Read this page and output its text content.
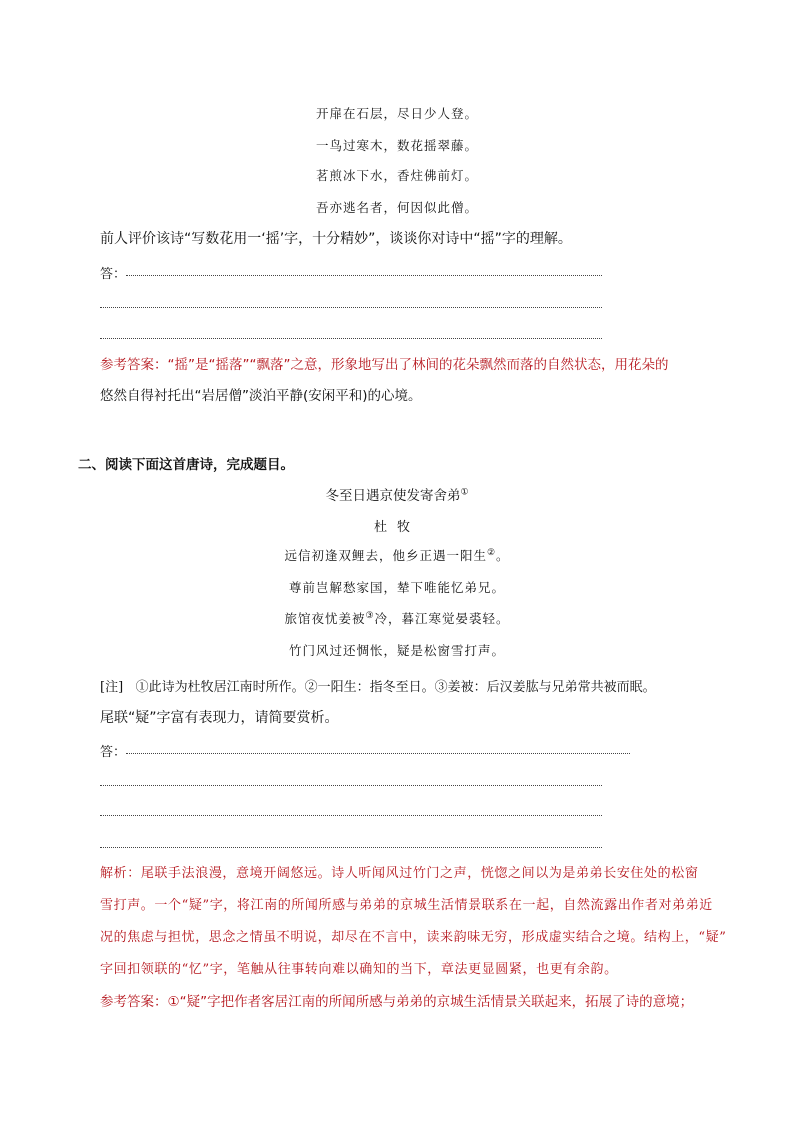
开扉在石层，尽日少人登。
一鸟过寒木，数花摇翠藤。
茗煎冰下水，香炷佛前灯。
吾亦逃名者，何因似此僧。
前人评价该诗“写数花用一‘摇’字，十分精妙”，谈谈你对诗中“摇”字的理解。
答：
参考答案：“摇”是“摇落”“飘落”之意，形象地写出了林间的花朵飘然而落的自然状态，用花朵的
悠然自得衬托出“岩居僧”淡泊平静(安闲平和)的心境。
二、阅读下面这首唐诗，完成题目。
冬至日遇京使发寄舍弟①
杜牧
远信初逢双鲤去，他乡正遇一阳生②。
尊前岂解愁家国，辇下唯能忆弟兄。
旅馆夜忧姜被③冷，暮江寒觉晏裘轻。
竹门风过还惆怅，疑是松窗雪打声。
[注] ①此诗为杜牧居江南时所作。②一阳生：指冬至日。③姜被：后汉姜肱与兄弟常共被而眠。
尾联“疑”字富有表现力，请简要赏析。
答：
解析：尾联手法浪漫，意境开阔悠远。诗人听闻风过竹门之声，恍惚之间以为是弟弟长安住处的松窗
雪打声。一个“疑”字，将江南的所闻所感与弟弟的京城生活情景联系在一起，自然流露出作者对弟弟近
况的焦虑与担忧，思念之情虽不明说，却尽在不言中，读来韵味无穷，形成虚实结合之境。结构上，“疑”
字回扣领联的“忆”字，笔触从往事转向难以确知的当下，章法更显圆紧，也更有余韵。
参考答案：①“疑”字把作者客居江南的所闻所感与弟弟的京城生活情景关联起来，拓展了诗的意境；
